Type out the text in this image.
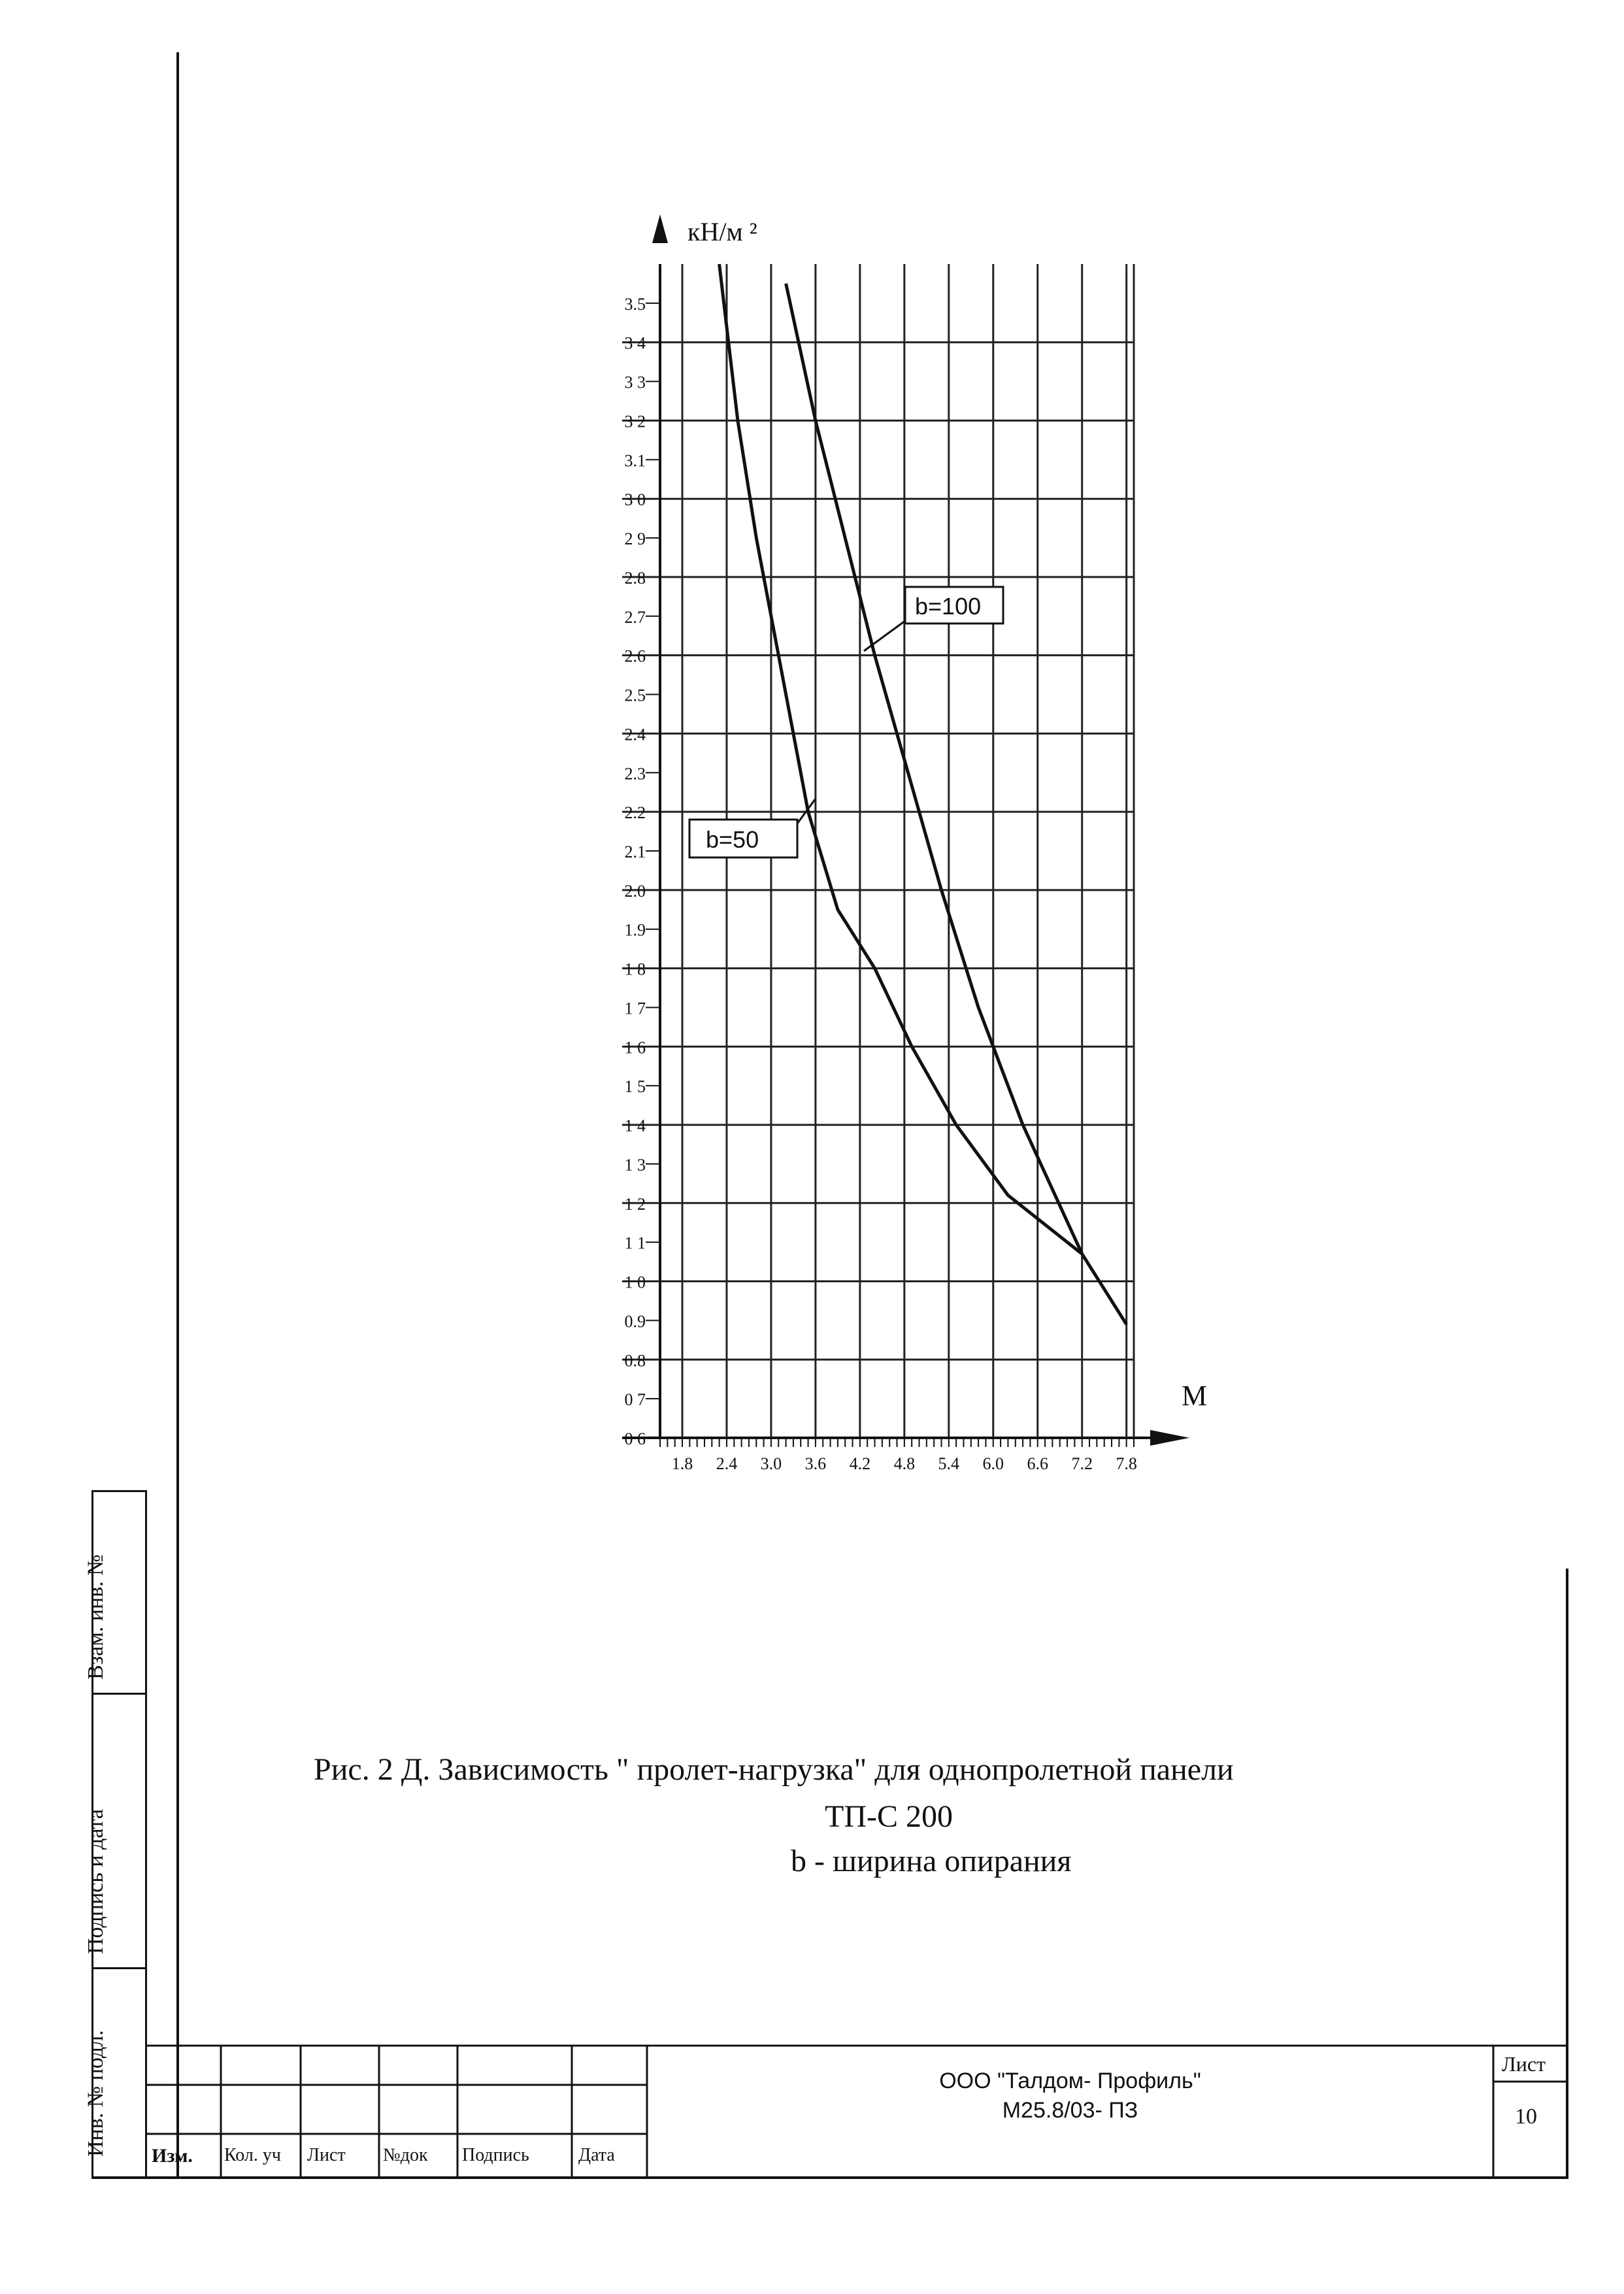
Взам. инв. №
Подпись и дата
Инв. № подл.
0 6
0 7
0.8
0.9
1 0
1 1
1 2
1 3
1 4
1 5
1 6
1 7
1 8
1.9
2.0
2.1
2.2
2.3
2.4
2.5
2.6
2.7
2.8
2 9
3 0
3.1
3 2
3 3
3 4
3.5
1.8 2.4 3.0 3.6 4.2 4.8 5.4 6.0 6.6 7.2 7.8
кН/м ²
М
b=100
b=50
Рис. 2 Д. Зависимость " пролет-нагрузка" для однопролетной панели
ТП-С 200
b - ширина опирания
Изм. Кол. уч Лист №док Подпись	Дата
ООО "Талдом- Профиль"
М25.8/03- ПЗ
Лист
10
